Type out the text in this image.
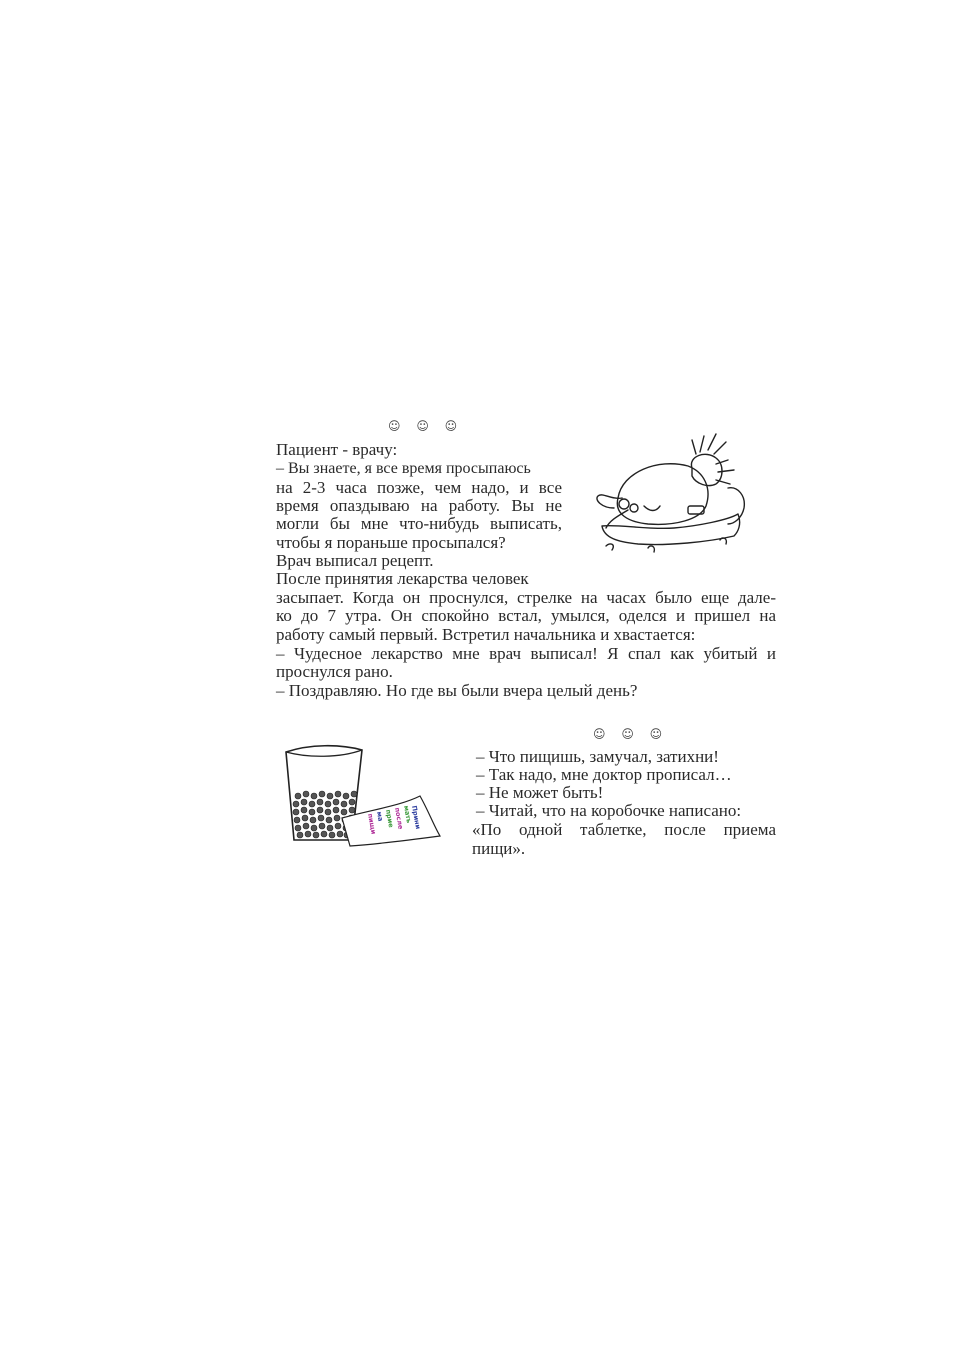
☺ ☺ ☺
Пациент - врачу:
– Вы знаете, я все время просыпаюсь
на 2-3 часа позже, чем надо, и все
время опаздываю на работу. Вы не
могли бы мне что-нибудь выписать,
чтобы я пораньше просыпался?
Врач выписал рецепт.
После принятия лекарства человек
засыпает. Когда он проснулся, стрелке на часах было еще дале-
ко до 7 утра. Он спокойно встал, умылся, оделся и пришел на
работу самый первый. Встретил начальника и хвастается:
– Чудесное лекарство мне врач выписал! Я спал как убитый и
проснулся рано.
– Поздравляю. Но где вы были вчера целый день?
☺ ☺ ☺
– Что пищишь, замучал, затихни!
– Так надо, мне доктор прописал…
– Не может быть!
– Читай, что на коробочке написано:
«По одной таблетке, после приема
пищи».
Прини
мать
после
прие
ма
пищи
